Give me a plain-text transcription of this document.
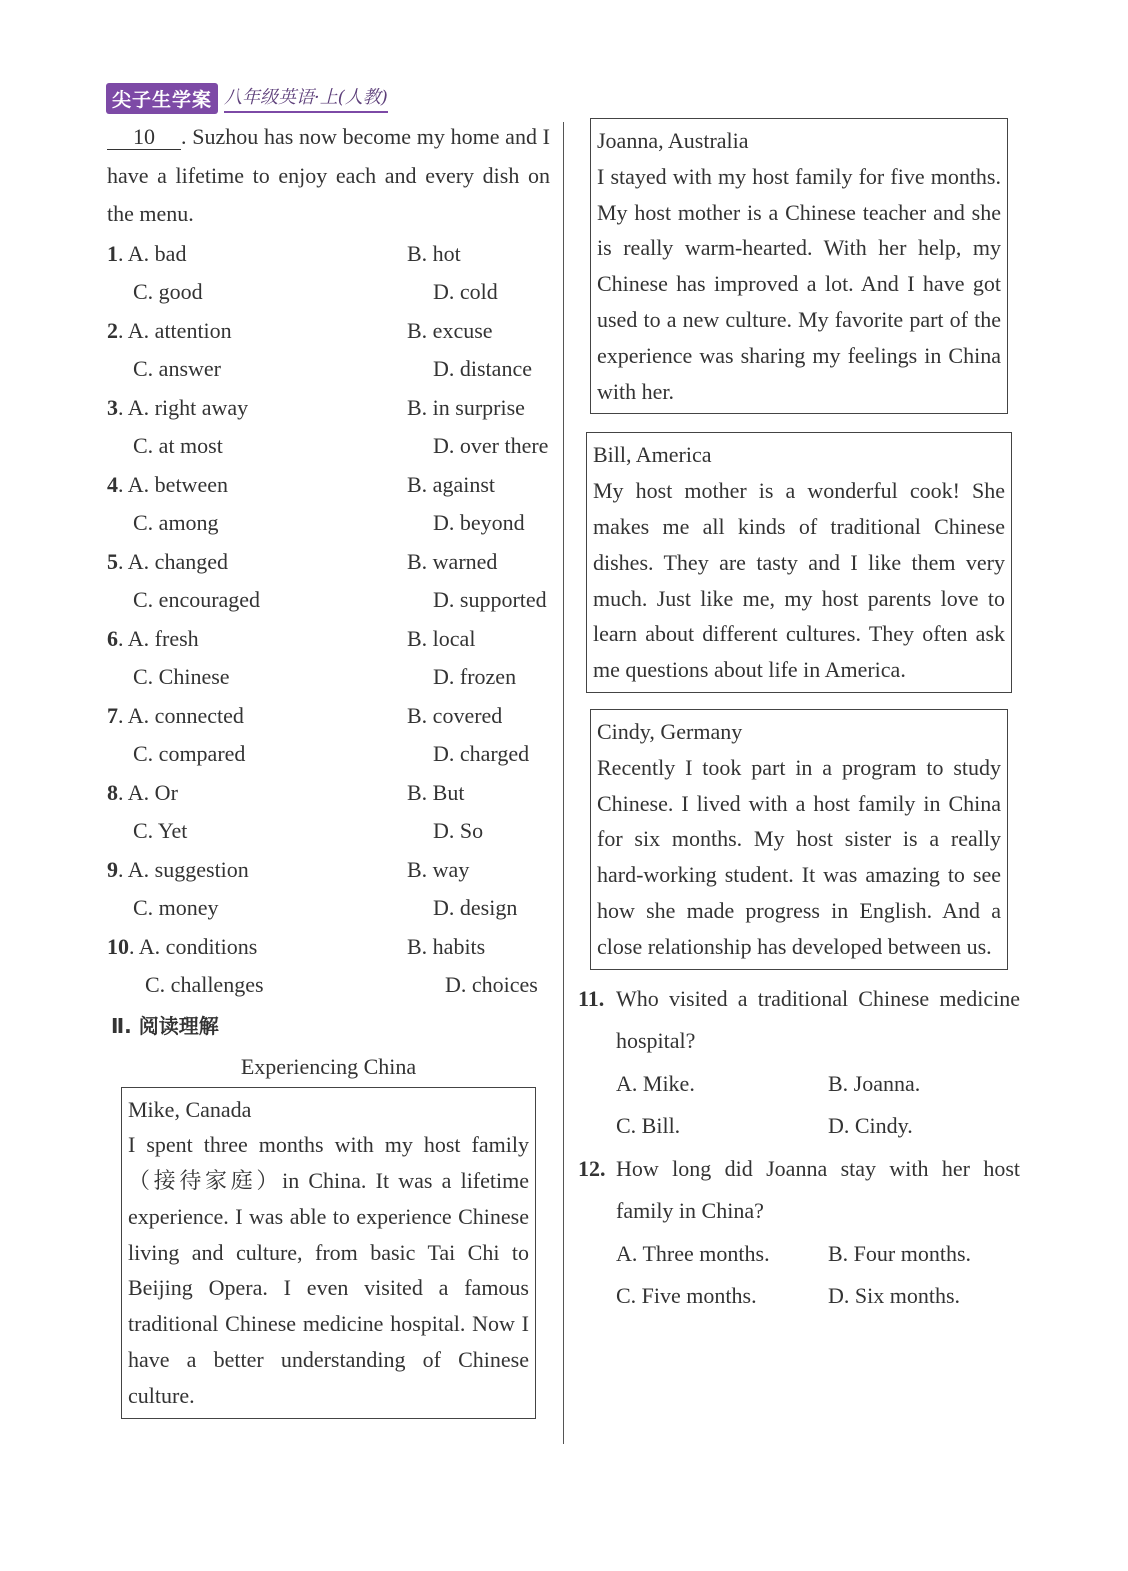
尖子生学案 八年级英语·上(人教)
10 . Suzhou has now become my home and I have a lifetime to enjoy each and every dish on the menu.
1. A. bad	B. hot
C. good	D. cold
2. A. attention	B. excuse
C. answer	D. distance
3. A. right away	B. in surprise
C. at most	D. over there
4. A. between	B. against
C. among	D. beyond
5. A. changed	B. warned
C. encouraged	D. supported
6. A. fresh	B. local
C. Chinese	D. frozen
7. A. connected	B. covered
C. compared	D. charged
8. A. Or	B. But
C. Yet	D. So
9. A. suggestion	B. way
C. money	D. design
10. A. conditions	B. habits
C. challenges	D. choices
Ⅱ. 阅读理解
Experiencing China

Mike, Canada

I spent three months with my host family（接待家庭）in China. It was a lifetime experience. I was able to experience Chinese living and culture, from basic Tai Chi to Beijing Opera. I even visited a famous traditional Chinese medicine hospital. Now I have a better understanding of Chinese culture.

Joanna, Australia

I stayed with my host family for five months. My host mother is a Chinese teacher and she is really warm-hearted. With her help, my Chinese has improved a lot. And I have got used to a new culture. My favorite part of the experience was sharing my feelings in China with her.

Bill, America

My host mother is a wonderful cook! She makes me all kinds of traditional Chinese dishes. They are tasty and I like them very much. Just like me, my host parents love to learn about different cultures. They often ask me questions about life in America.

Cindy, Germany

Recently I took part in a program to study Chinese. I lived with a host family in China for six months. My host sister is a really hard-working student. It was amazing to see how she made progress in English. And a close relationship has developed between us.

11. Who visited a traditional Chinese medicine hospital?
A. Mike.	B. Joanna.
C. Bill.	D. Cindy.
12. How long did Joanna stay with her host family in China?
A. Three months.	B. Four months.
C. Five months.	D. Six months.
